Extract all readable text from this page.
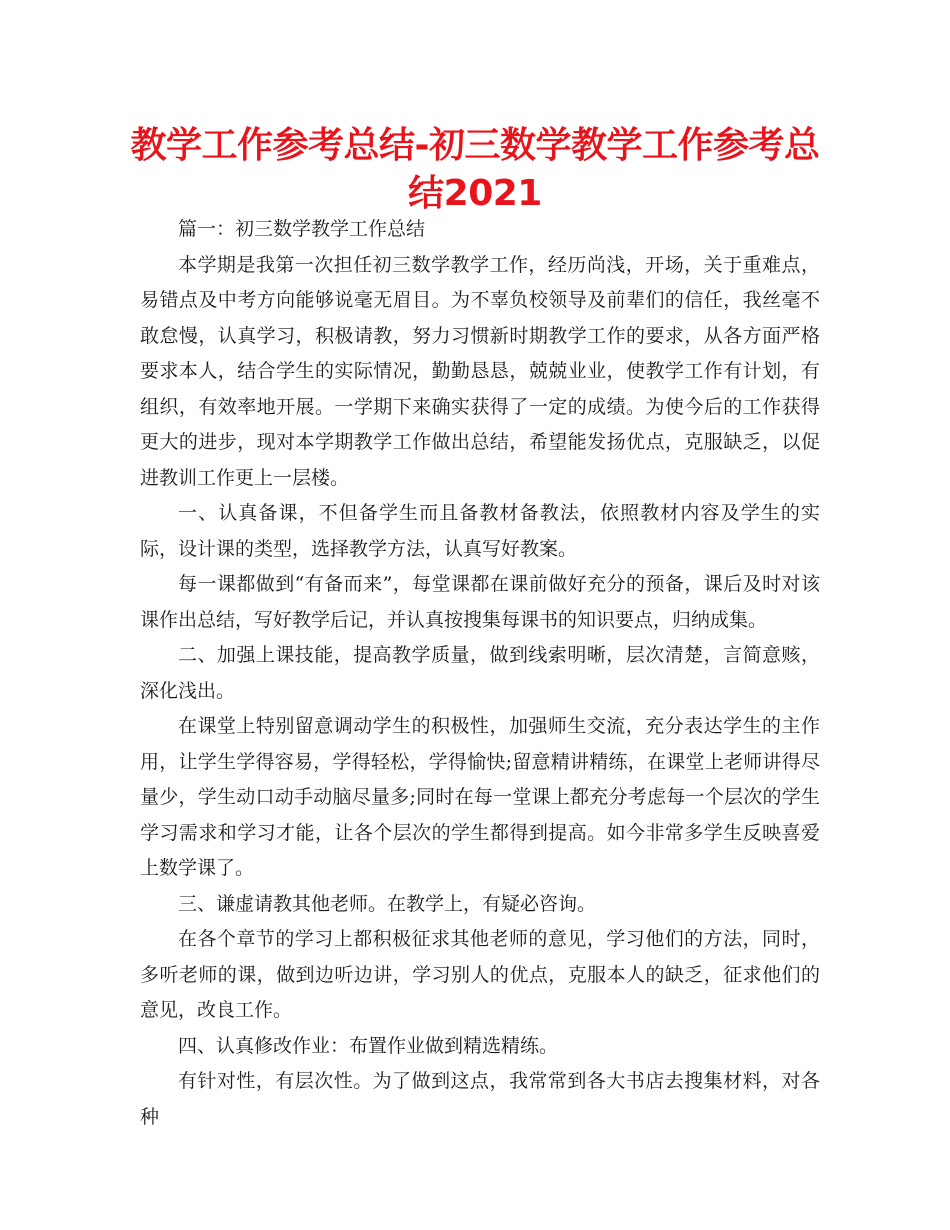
教学工作参考总结-初三数学教学工作参考总结2021

篇一：初三数学教学工作总结

本学期是我第一次担任初三数学教学工作，经历尚浅，开场，关于重难点，易错点及中考方向能够说毫无眉目。为不辜负校领导及前辈们的信任，我丝毫不敢怠慢，认真学习，积极请教，努力习惯新时期教学工作的要求，从各方面严格要求本人，结合学生的实际情况，勤勤恳恳，兢兢业业，使教学工作有计划，有组织，有效率地开展。一学期下来确实获得了一定的成绩。为使今后的工作获得更大的进步，现对本学期教学工作做出总结，希望能发扬优点，克服缺乏，以促进教训工作更上一层楼。

一、认真备课，不但备学生而且备教材备教法，依照教材内容及学生的实际，设计课的类型，选择教学方法，认真写好教案。

每一课都做到“有备而来”，每堂课都在课前做好充分的预备，课后及时对该课作出总结，写好教学后记，并认真按搜集每课书的知识要点，归纳成集。

二、加强上课技能，提高教学质量，做到线索明晰，层次清楚，言简意赅，深化浅出。

在课堂上特别留意调动学生的积极性，加强师生交流，充分表达学生的主作用，让学生学得容易，学得轻松，学得愉快;留意精讲精练，在课堂上老师讲得尽量少，学生动口动手动脑尽量多;同时在每一堂课上都充分考虑每一个层次的学生学习需求和学习才能，让各个层次的学生都得到提高。如今非常多学生反映喜爱上数学课了。

三、谦虚请教其他老师。在教学上，有疑必咨询。

在各个章节的学习上都积极征求其他老师的意见，学习他们的方法，同时，多听老师的课，做到边听边讲，学习别人的优点，克服本人的缺乏，征求他们的意见，改良工作。

四、认真修改作业：布置作业做到精选精练。

有针对性，有层次性。为了做到这点，我常常到各大书店去搜集材料，对各种
